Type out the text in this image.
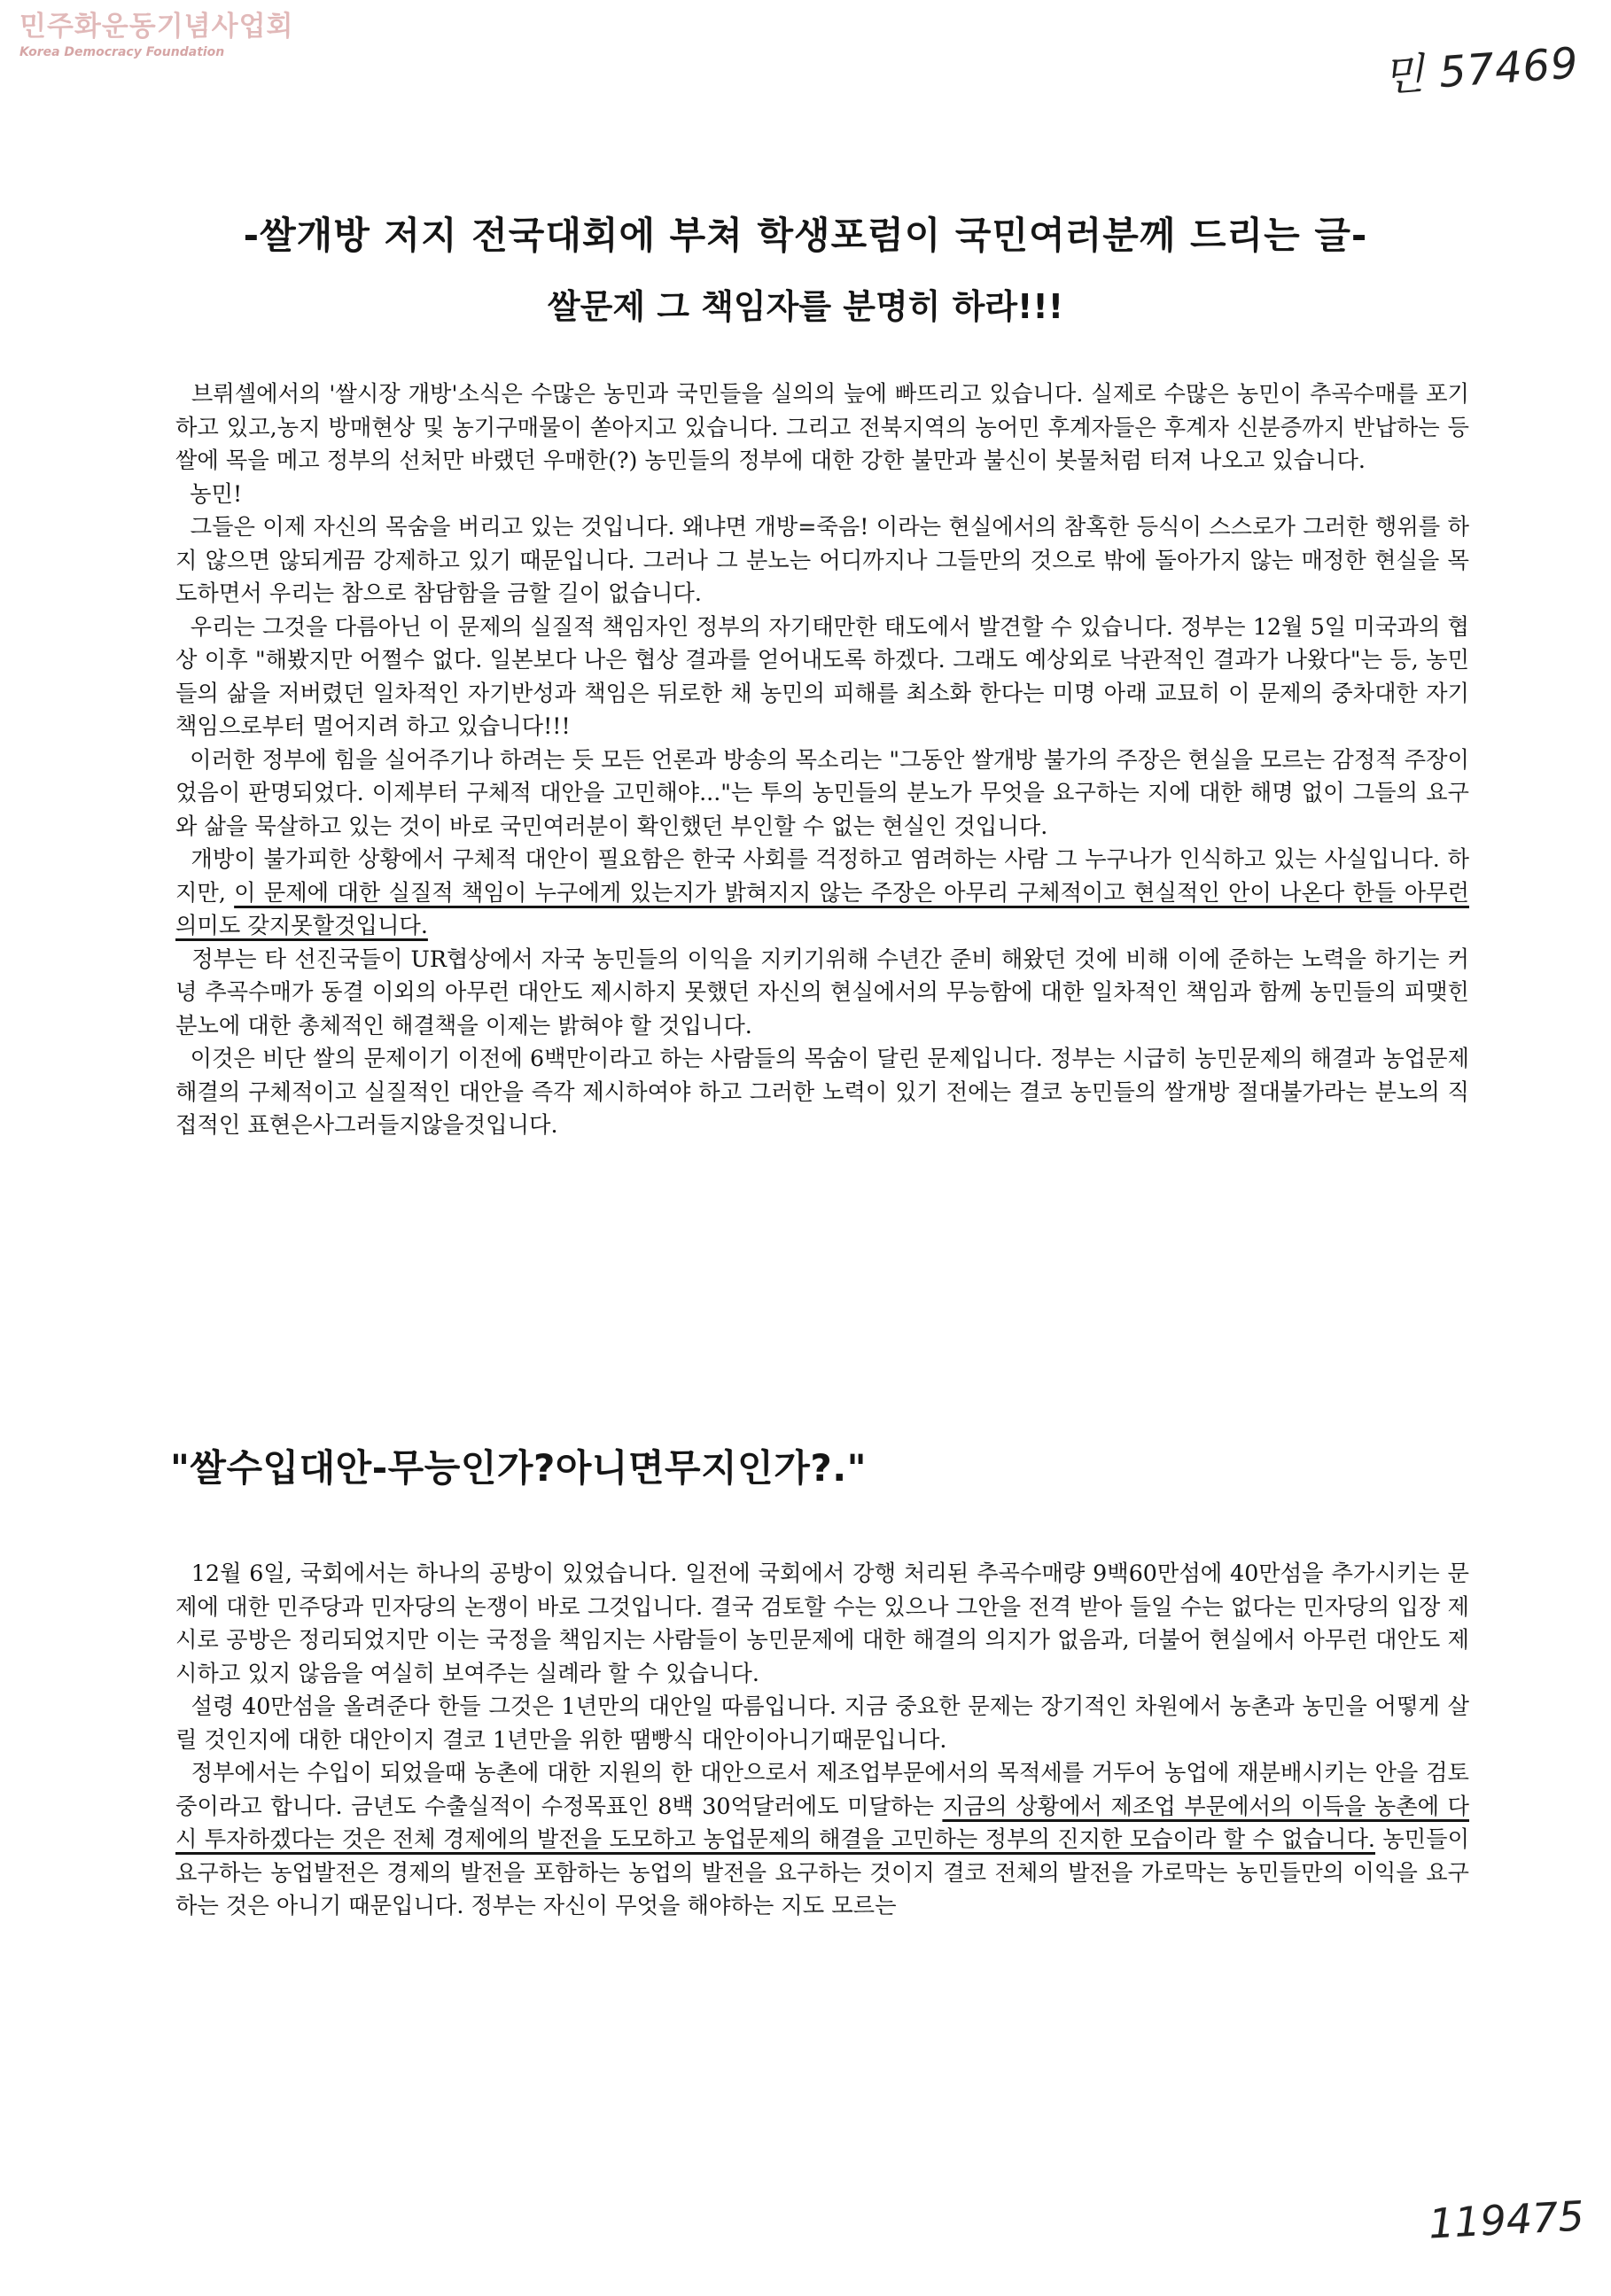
민주화운동기념사업회
Korea Democracy Foundation	민 57469
-쌀개방 저지 전국대회에 부쳐 학생포럼이 국민여러분께 드리는 글-
쌀문제 그 책임자를 분명히 하라!!!

브뤼셀에서의 '쌀시장 개방'소식은 수많은 농민과 국민들을 실의의 늪에 빠뜨리고 있습니다. 실제로 수많은 농민이 추곡수매를 포기하고 있고,농지 방매현상 및 농기구매물이 쏟아지고 있습니다. 그리고 전북지역의 농어민 후계자들은 후계자 신분증까지 반납하는 등 쌀에 목을 메고 정부의 선처만 바랬던 우매한(?) 농민들의 정부에 대한 강한 불만과 불신이 봇물처럼 터져 나오고 있습니다.

농민!

그들은 이제 자신의 목숨을 버리고 있는 것입니다. 왜냐면 개방=죽음! 이라는 현실에서의 참혹한 등식이 스스로가 그러한 행위를 하지 않으면 않되게끔 강제하고 있기 때문입니다. 그러나 그 분노는 어디까지나 그들만의 것으로 밖에 돌아가지 않는 매정한 현실을 목도하면서 우리는 참으로 참담함을 금할 길이 없습니다.

우리는 그것을 다름아닌 이 문제의 실질적 책임자인 정부의 자기태만한 태도에서 발견할 수 있습니다. 정부는 12월 5일 미국과의 협상 이후 "해봤지만 어쩔수 없다. 일본보다 나은 협상 결과를 얻어내도록 하겠다. 그래도 예상외로 낙관적인 결과가 나왔다"는 등, 농민들의 삶을 저버렸던 일차적인 자기반성과 책임은 뒤로한 채 농민의 피해를 최소화 한다는 미명 아래 교묘히 이 문제의 중차대한 자기 책임으로부터 멀어지려 하고 있습니다!!!

이러한 정부에 힘을 실어주기나 하려는 듯 모든 언론과 방송의 목소리는 "그동안 쌀개방 불가의 주장은 현실을 모르는 감정적 주장이었음이 판명되었다. 이제부터 구체적 대안을 고민해야..."는 투의 농민들의 분노가 무엇을 요구하는 지에 대한 해명 없이 그들의 요구와 삶을 묵살하고 있는 것이 바로 국민여러분이 확인했던 부인할 수 없는 현실인 것입니다.

개방이 불가피한 상황에서 구체적 대안이 필요함은 한국 사회를 걱정하고 염려하는 사람 그 누구나가 인식하고 있는 사실입니다. 하지만, 이 문제에 대한 실질적 책임이 누구에게 있는지가 밝혀지지 않는 주장은 아무리 구체적이고 현실적인 안이 나온다 한들 아무런 의미도 갖지못할것입니다.

정부는 타 선진국들이 UR협상에서 자국 농민들의 이익을 지키기위해 수년간 준비 해왔던 것에 비해 이에 준하는 노력을 하기는 커녕 추곡수매가 동결 이외의 아무런 대안도 제시하지 못했던 자신의 현실에서의 무능함에 대한 일차적인 책임과 함께 농민들의 피맺힌 분노에 대한 총체적인 해결책을 이제는 밝혀야 할 것입니다.

이것은 비단 쌀의 문제이기 이전에 6백만이라고 하는 사람들의 목숨이 달린 문제입니다. 정부는 시급히 농민문제의 해결과 농업문제 해결의 구체적이고 실질적인 대안을 즉각 제시하여야 하고 그러한 노력이 있기 전에는 결코 농민들의 쌀개방 절대불가라는 분노의 직접적인 표현은사그러들지않을것입니다.

"쌀수입대안-무능인가?아니면무지인가?."

12월 6일, 국회에서는 하나의 공방이 있었습니다. 일전에 국회에서 강행 처리된 추곡수매량 9백60만섬에 40만섬을 추가시키는 문제에 대한 민주당과 민자당의 논쟁이 바로 그것입니다. 결국 검토할 수는 있으나 그안을 전격 받아 들일 수는 없다는 민자당의 입장 제시로 공방은 정리되었지만 이는 국정을 책임지는 사람들이 농민문제에 대한 해결의 의지가 없음과, 더불어 현실에서 아무런 대안도 제시하고 있지 않음을 여실히 보여주는 실례라 할 수 있습니다.

설령 40만섬을 올려준다 한들 그것은 1년만의 대안일 따름입니다. 지금 중요한 문제는 장기적인 차원에서 농촌과 농민을 어떻게 살릴 것인지에 대한 대안이지 결코 1년만을 위한 땜빵식 대안이아니기때문입니다.

정부에서는 수입이 되었을때 농촌에 대한 지원의 한 대안으로서 제조업부문에서의 목적세를 거두어 농업에 재분배시키는 안을 검토중이라고 합니다. 금년도 수출실적이 수정목표인 8백 30억달러에도 미달하는 지금의 상황에서 제조업 부문에서의 이득을 농촌에 다시 투자하겠다는 것은 전체 경제에의 발전을 도모하고 농업문제의 해결을 고민하는 정부의 진지한 모습이라 할 수 없습니다. 농민들이 요구하는 농업발전은 경제의 발전을 포함하는 농업의 발전을 요구하는 것이지 결코 전체의 발전을 가로막는 농민들만의 이익을 요구하는 것은 아니기 때문입니다. 정부는 자신이 무엇을 해야하는 지도 모르는

119475
